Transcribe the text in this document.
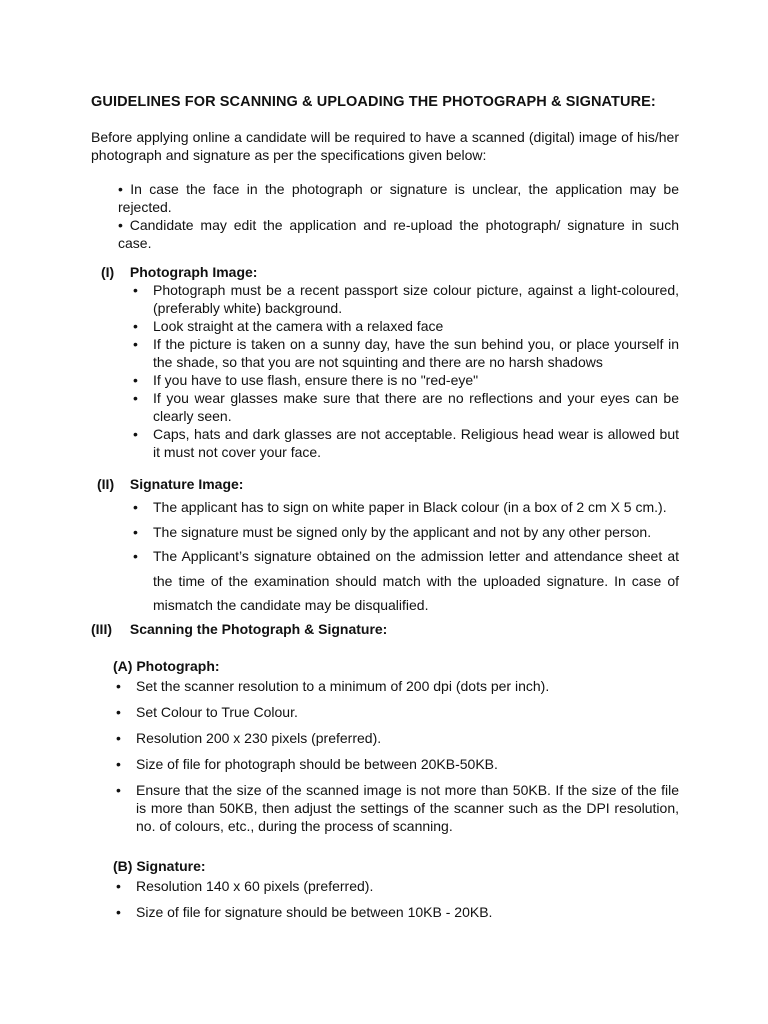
GUIDELINES FOR SCANNING & UPLOADING THE PHOTOGRAPH & SIGNATURE:
Before applying online a candidate will be required to have a scanned (digital) image of his/her photograph and signature as per the specifications given below:
• In case the face in the photograph or signature is unclear, the application may be rejected.
• Candidate may edit the application and re-upload the photograph/ signature in such case.
(I) Photograph Image:
• Photograph must be a recent passport size colour picture, against a light-coloured, (preferably white) background.
• Look straight at the camera with a relaxed face
• If the picture is taken on a sunny day, have the sun behind you, or place yourself in the shade, so that you are not squinting and there are no harsh shadows
• If you have to use flash, ensure there is no "red-eye"
• If you wear glasses make sure that there are no reflections and your eyes can be clearly seen.
• Caps, hats and dark glasses are not acceptable. Religious head wear is allowed but it must not cover your face.
(II) Signature Image:
• The applicant has to sign on white paper in Black colour (in a box of 2 cm X 5 cm.).
• The signature must be signed only by the applicant and not by any other person.
• The Applicant’s signature obtained on the admission letter and attendance sheet at the time of the examination should match with the uploaded signature. In case of mismatch the candidate may be disqualified.
(III) Scanning the Photograph & Signature:
(A) Photograph:
• Set the scanner resolution to a minimum of 200 dpi (dots per inch).
• Set Colour to True Colour.
• Resolution 200 x 230 pixels (preferred).
• Size of file for photograph should be between 20KB-50KB.
• Ensure that the size of the scanned image is not more than 50KB. If the size of the file is more than 50KB, then adjust the settings of the scanner such as the DPI resolution, no. of colours, etc., during the process of scanning.
(B) Signature:
• Resolution 140 x 60 pixels (preferred).
• Size of file for signature should be between 10KB - 20KB.
